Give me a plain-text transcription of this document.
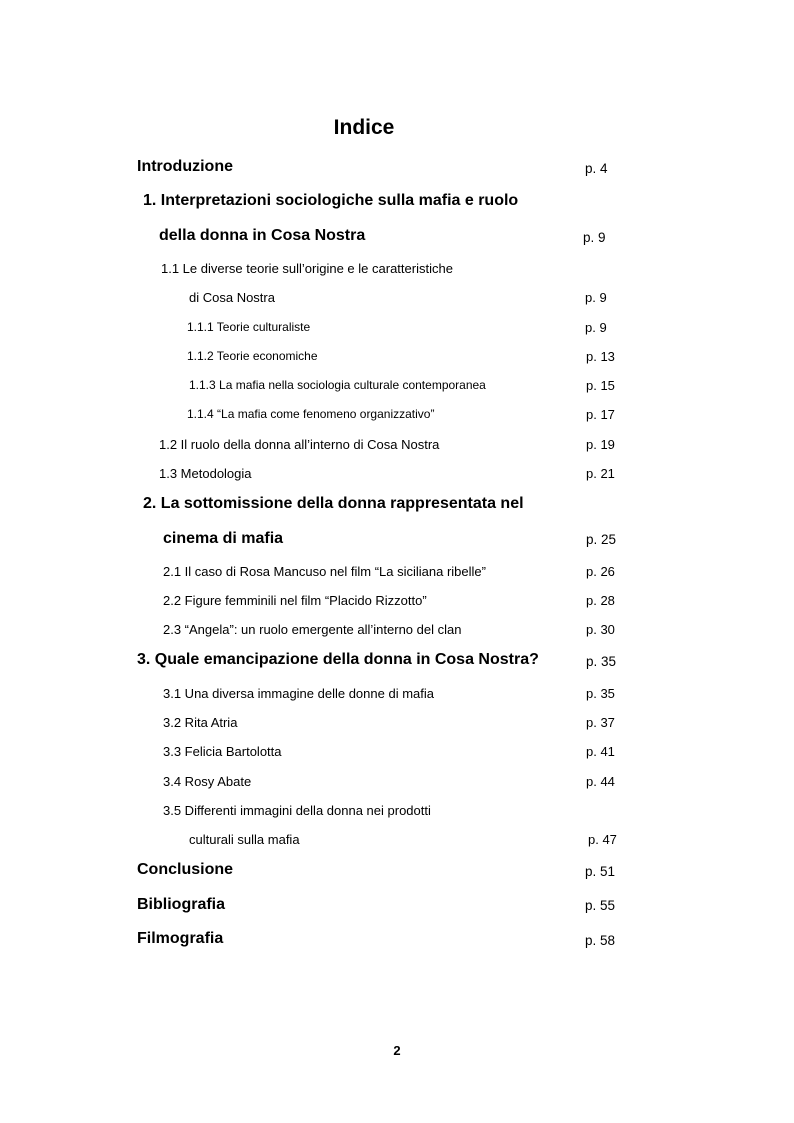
Indice
Introduzione	p. 4
1. Interpretazioni sociologiche sulla mafia e ruolo
della donna in Cosa Nostra	p. 9
1.1 Le diverse teorie sull’origine e le caratteristiche
di Cosa Nostra	p. 9
1.1.1 Teorie culturaliste	p. 9
1.1.2 Teorie economiche	p. 13
1.1.3 La mafia nella sociologia culturale contemporanea	p. 15
1.1.4 “La mafia come fenomeno organizzativo”	p. 17
1.2 Il ruolo della donna all’interno di Cosa Nostra	p. 19
1.3 Metodologia	p. 21
2. La sottomissione della donna rappresentata nel
cinema di mafia	p. 25
2.1 Il caso di Rosa Mancuso nel film “La siciliana ribelle”	p. 26
2.2 Figure femminili nel film “Placido Rizzotto”	p. 28
2.3 “Angela”: un ruolo emergente all’interno del clan	p. 30
3. Quale emancipazione della donna in Cosa Nostra?	p. 35
3.1 Una diversa immagine delle donne di mafia	p. 35
3.2 Rita Atria	p. 37
3.3 Felicia Bartolotta	p. 41
3.4 Rosy Abate	p. 44
3.5 Differenti immagini della donna nei prodotti
culturali sulla mafia	p. 47
Conclusione	p. 51
Bibliografia	p. 55
Filmografia	p. 58
2
